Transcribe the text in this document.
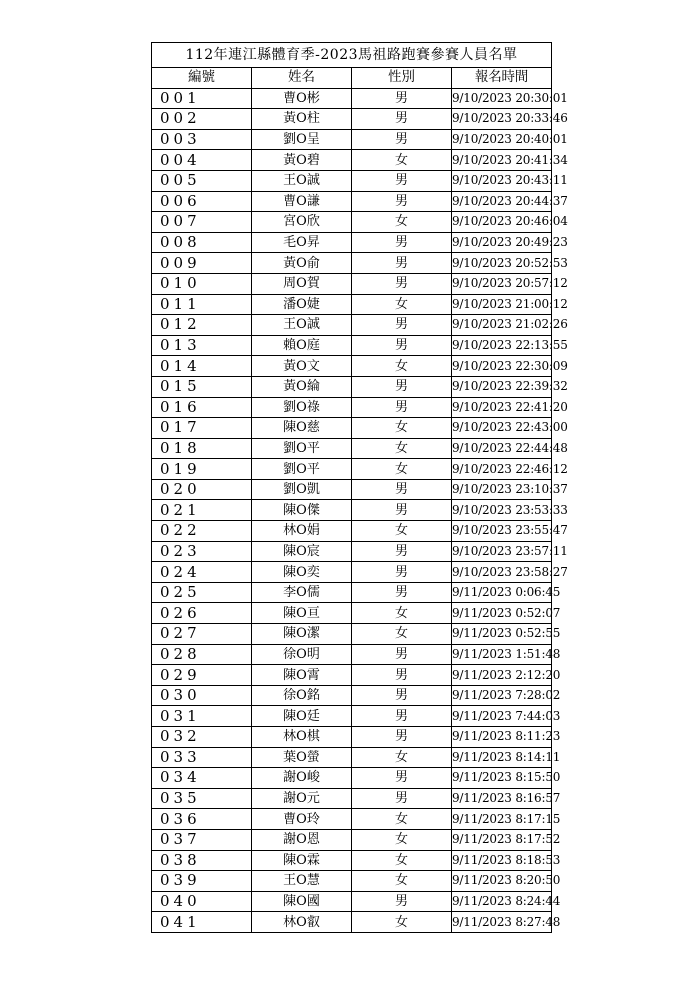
112年連江縣體育季-2023馬祖路跑賽參賽人員名單			
編號	姓名	性別	報名時間
001	曹O彬	男	9/10/2023 20:30:01
002	黃O柱	男	9/10/2023 20:33:46
003	劉O呈	男	9/10/2023 20:40:01
004	黃O碧	女	9/10/2023 20:41:34
005	王O誠	男	9/10/2023 20:43:11
006	曹O謙	男	9/10/2023 20:44:37
007	宮O欣	女	9/10/2023 20:46:04
008	毛O昇	男	9/10/2023 20:49:23
009	黃O俞	男	9/10/2023 20:52:53
010	周O賀	男	9/10/2023 20:57:12
011	潘O婕	女	9/10/2023 21:00:12
012	王O誠	男	9/10/2023 21:02:26
013	賴O庭	男	9/10/2023 22:13:55
014	黃O文	女	9/10/2023 22:30:09
015	黃O綸	男	9/10/2023 22:39:32
016	劉O祿	男	9/10/2023 22:41:20
017	陳O慈	女	9/10/2023 22:43:00
018	劉O平	女	9/10/2023 22:44:48
019	劉O平	女	9/10/2023 22:46:12
020	劉O凱	男	9/10/2023 23:10:37
021	陳O傑	男	9/10/2023 23:53:33
022	林O娟	女	9/10/2023 23:55:47
023	陳O宸	男	9/10/2023 23:57:11
024	陳O奕	男	9/10/2023 23:58:27
025	李O儒	男	9/11/2023 0:06:45
026	陳O亘	女	9/11/2023 0:52:07
027	陳O潔	女	9/11/2023 0:52:55
028	徐O明	男	9/11/2023 1:51:48
029	陳O霄	男	9/11/2023 2:12:20
030	徐O銘	男	9/11/2023 7:28:02
031	陳O廷	男	9/11/2023 7:44:03
032	林O棋	男	9/11/2023 8:11:23
033	葉O螢	女	9/11/2023 8:14:11
034	謝O峻	男	9/11/2023 8:15:50
035	謝O元	男	9/11/2023 8:16:57
036	曹O玲	女	9/11/2023 8:17:15
037	謝O恩	女	9/11/2023 8:17:52
038	陳O霖	女	9/11/2023 8:18:53
039	王O慧	女	9/11/2023 8:20:50
040	陳O國	男	9/11/2023 8:24:44
041	林O叡	女	9/11/2023 8:27:48
